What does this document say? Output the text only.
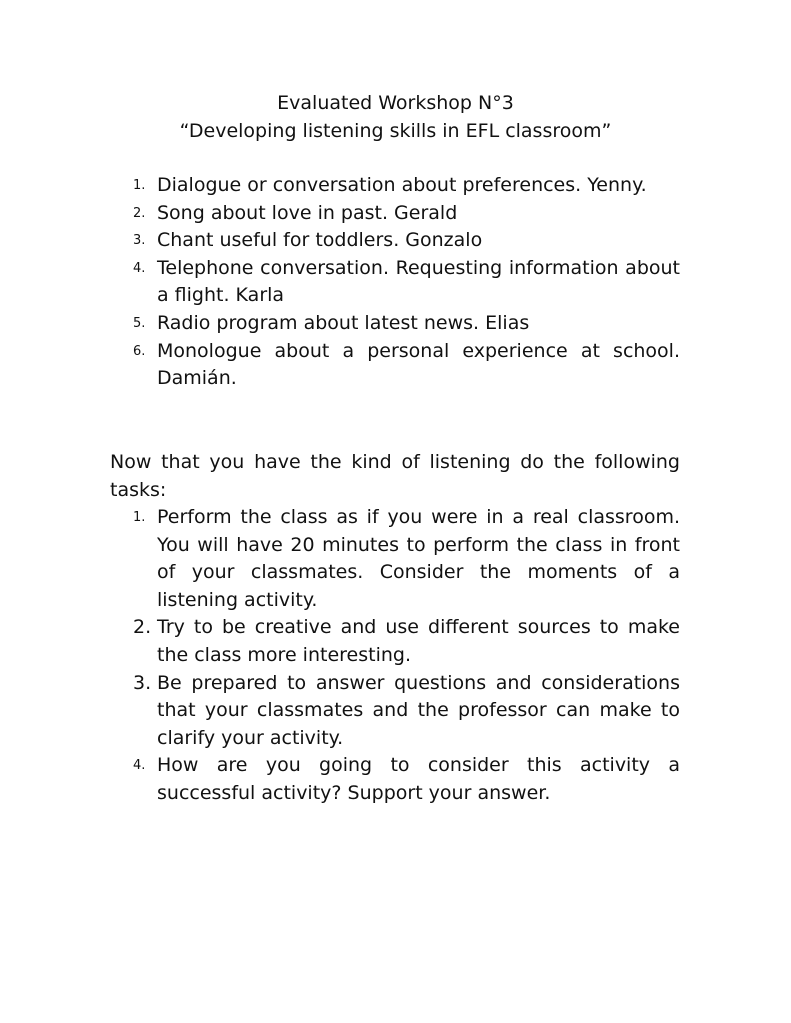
Evaluated Workshop N°3
“Developing listening skills in EFL classroom”
1. Dialogue or conversation about preferences. Yenny.
2. Song about love in past. Gerald
3. Chant useful for toddlers. Gonzalo
4. Telephone conversation. Requesting information about a flight. Karla
5. Radio program about latest news. Elias
6. Monologue about a personal experience at school. Damián.

Now that you have the kind of listening do the following tasks:

1. Perform the class as if you were in a real classroom. You will have 20 minutes to perform the class in front of your classmates. Consider the moments of a listening activity.
2. Try to be creative and use different sources to make the class more interesting.
3. Be prepared to answer questions and considerations that your classmates and the professor can make to clarify your activity.
4. How are you going to consider this activity a successful activity? Support your answer.
